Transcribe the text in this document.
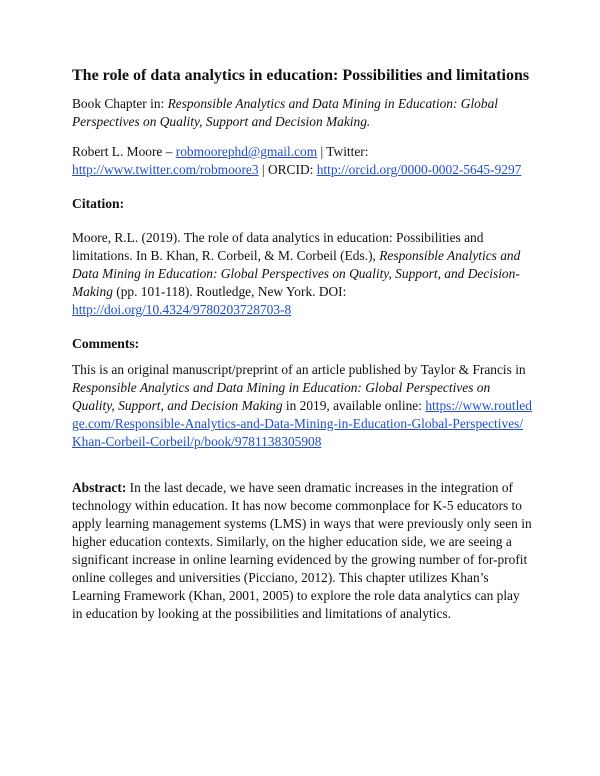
The role of data analytics in education: Possibilities and limitations

Book Chapter in: Responsible Analytics and Data Mining in Education: Global Perspectives on Quality, Support and Decision Making.

Robert L. Moore – robmoorephd@gmail.com | Twitter: http://www.twitter.com/robmoore3 | ORCID: http://orcid.org/0000-0002-5645-9297

Citation:

Moore, R.L. (2019). The role of data analytics in education: Possibilities and limitations. In B. Khan, R. Corbeil, & M. Corbeil (Eds.), Responsible Analytics and Data Mining in Education: Global Perspectives on Quality, Support, and Decision-Making (pp. 101-118). Routledge, New York. DOI: http://doi.org/10.4324/9780203728703-8

Comments:

This is an original manuscript/preprint of an article published by Taylor & Francis in Responsible Analytics and Data Mining in Education: Global Perspectives on Quality, Support, and Decision Making in 2019, available online: https://www.routledge.com/Responsible-Analytics-and-Data-Mining-in-Education-Global-Perspectives/Khan-Corbeil-Corbeil/p/book/9781138305908

Abstract: In the last decade, we have seen dramatic increases in the integration of technology within education. It has now become commonplace for K-5 educators to apply learning management systems (LMS) in ways that were previously only seen in higher education contexts. Similarly, on the higher education side, we are seeing a significant increase in online learning evidenced by the growing number of for-profit online colleges and universities (Picciano, 2012). This chapter utilizes Khan’s Learning Framework (Khan, 2001, 2005) to explore the role data analytics can play in education by looking at the possibilities and limitations of analytics.
